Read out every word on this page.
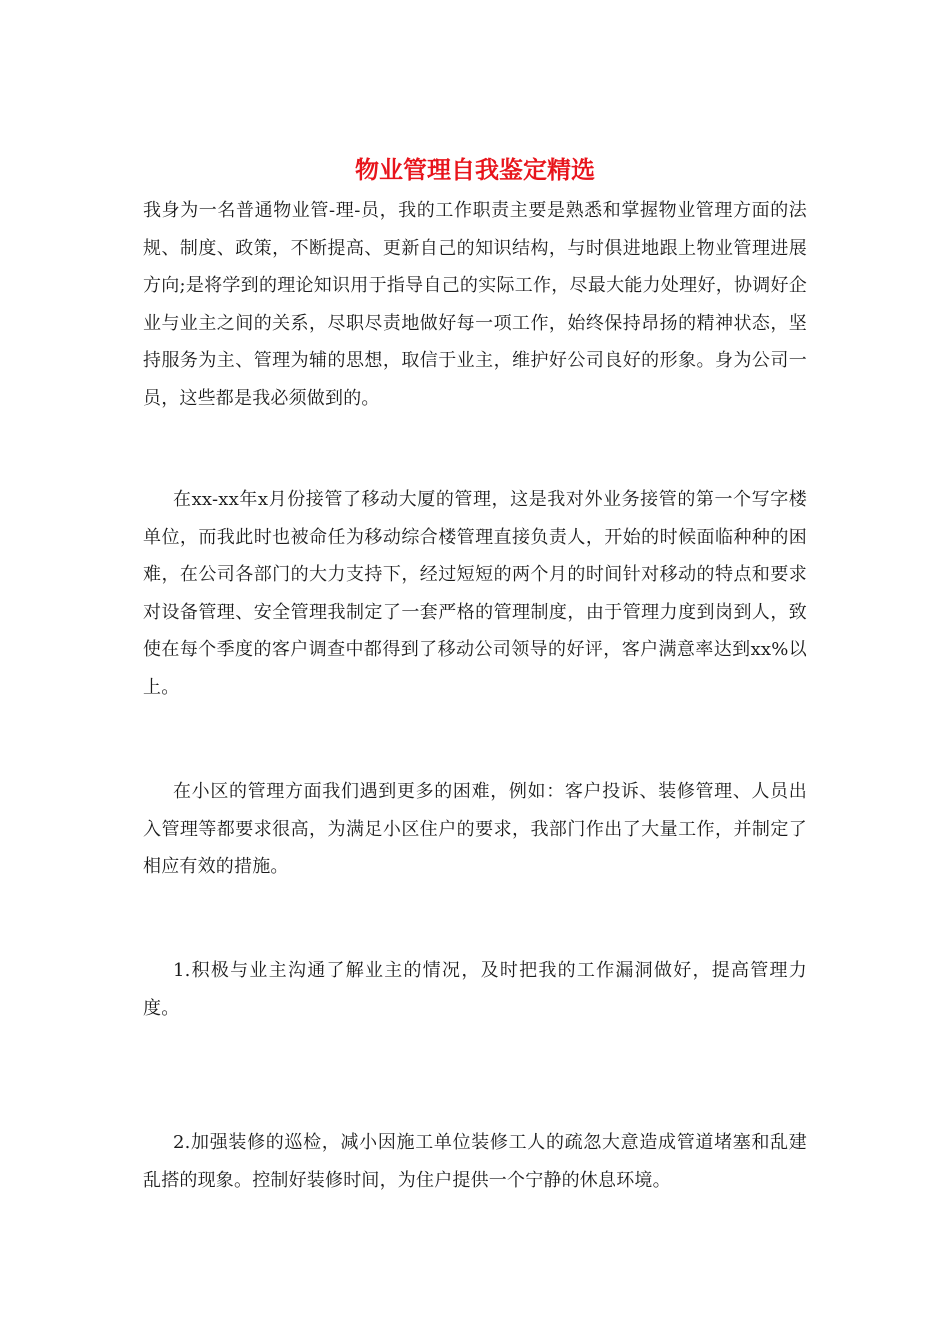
物业管理自我鉴定精选

我身为一名普通物业管-理-员，我的工作职责主要是熟悉和掌握物业管理方面的法规、制度、政策，不断提高、更新自己的知识结构，与时俱进地跟上物业管理进展方向;是将学到的理论知识用于指导自己的实际工作，尽最大能力处理好，协调好企业与业主之间的关系，尽职尽责地做好每一项工作，始终保持昂扬的精神状态，坚持服务为主、管理为辅的思想，取信于业主，维护好公司良好的形象。身为公司一员，这些都是我必须做到的。

在xx-xx年x月份接管了移动大厦的管理，这是我对外业务接管的第一个写字楼单位，而我此时也被命任为移动综合楼管理直接负责人，开始的时候面临种种的困难，在公司各部门的大力支持下，经过短短的两个月的时间针对移动的特点和要求对设备管理、安全管理我制定了一套严格的管理制度，由于管理力度到岗到人，致使在每个季度的客户调查中都得到了移动公司领导的好评，客户满意率达到xx%以上。

在小区的管理方面我们遇到更多的困难，例如：客户投诉、装修管理、人员出入管理等都要求很高，为满足小区住户的要求，我部门作出了大量工作，并制定了相应有效的措施。

1.积极与业主沟通了解业主的情况，及时把我的工作漏洞做好，提高管理力度。

2.加强装修的巡检，减小因施工单位装修工人的疏忽大意造成管道堵塞和乱建乱搭的现象。控制好装修时间，为住户提供一个宁静的休息环境。
